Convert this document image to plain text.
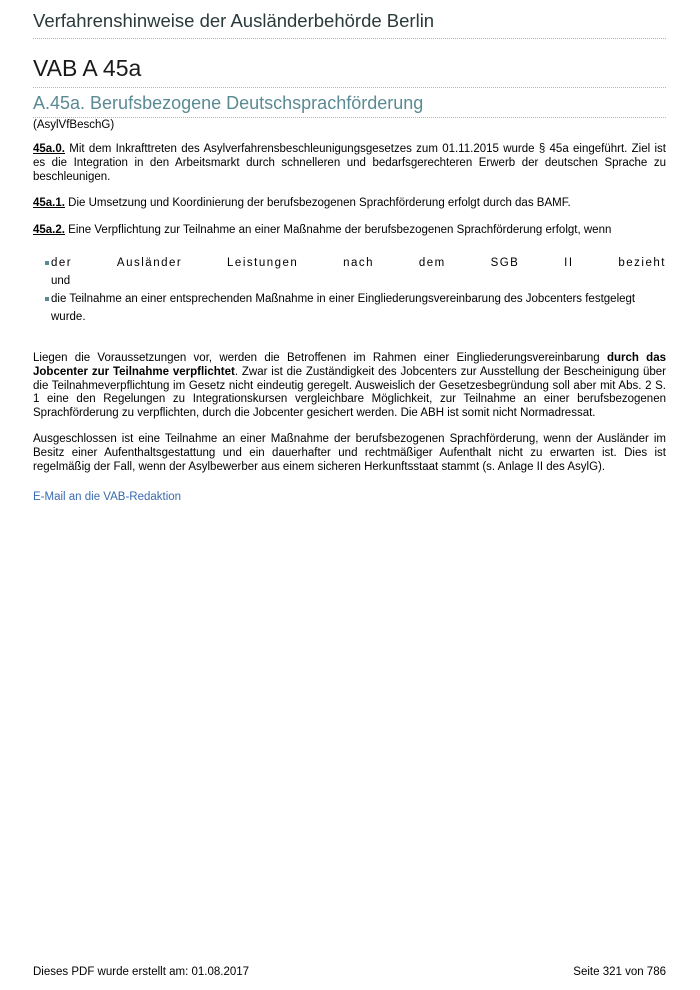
Verfahrenshinweise der Ausländerbehörde Berlin
VAB A 45a
A.45a. Berufsbezogene Deutschsprachförderung
(AsylVfBeschG)
45a.0. Mit dem Inkrafttreten des Asylverfahrensbeschleunigungsgesetzes zum 01.11.2015 wurde § 45a eingeführt. Ziel ist es die Integration in den Arbeitsmarkt durch schnelleren und bedarfsgerechteren Erwerb der deutschen Sprache zu beschleunigen.
45a.1. Die Umsetzung und Koordinierung der berufsbezogenen Sprachförderung erfolgt durch das BAMF.
45a.2. Eine Verpflichtung zur Teilnahme an einer Maßnahme der berufsbezogenen Sprachförderung erfolgt, wenn
der	Ausländer	Leistungen	nach	dem	SGB	II	bezieht
und
die Teilnahme an einer entsprechenden Maßnahme in einer Eingliederungsvereinbarung des Jobcenters festgelegt
wurde.
Liegen die Voraussetzungen vor, werden die Betroffenen im Rahmen einer Eingliederungsvereinbarung durch das Jobcenter zur Teilnahme verpflichtet. Zwar ist die Zuständigkeit des Jobcenters zur Ausstellung der Bescheinigung über die Teilnahmeverpflichtung im Gesetz nicht eindeutig geregelt. Ausweislich der Gesetzesbegründung soll aber mit Abs. 2 S. 1 eine den Regelungen zu Integrationskursen vergleichbare Möglichkeit, zur Teilnahme an einer berufsbezogenen Sprachförderung zu verpflichten, durch die Jobcenter gesichert werden. Die ABH ist somit nicht Normadressat.
Ausgeschlossen ist eine Teilnahme an einer Maßnahme der berufsbezogenen Sprachförderung, wenn der Ausländer im Besitz einer Aufenthaltsgestattung und ein dauerhafter und rechtmäßiger Aufenthalt nicht zu erwarten ist. Dies ist regelmäßig der Fall, wenn der Asylbewerber aus einem sicheren Herkunftsstaat stammt (s. Anlage II des AsylG).
E-Mail an die VAB-Redaktion
Dieses PDF wurde erstellt am: 01.08.2017	Seite 321 von 786
